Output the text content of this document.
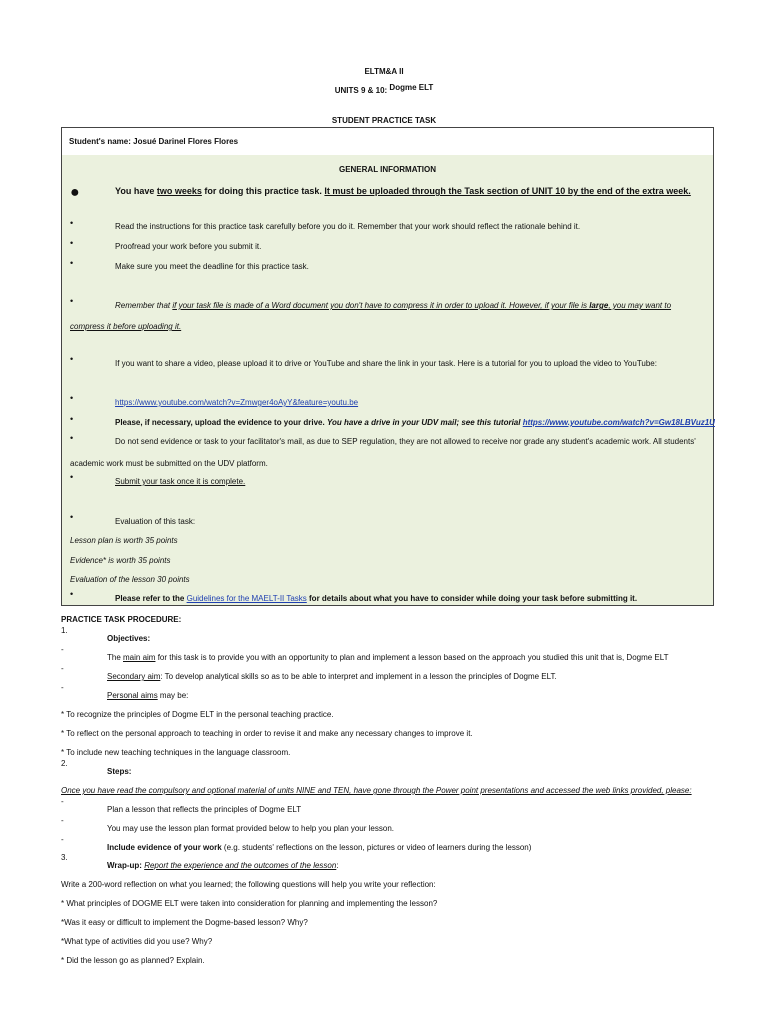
ELTM&A II
UNITS 9 & 10: Dogme ELT
STUDENT PRACTICE TASK
Student's name: Josué Darinel Flores Flores
GENERAL INFORMATION
●	You have two weeks for doing this practice task. It must be uploaded through the Task section of UNIT 10 by the end of the extra week.
•	Read the instructions for this practice task carefully before you do it. Remember that your work should reflect the rationale behind it.
•	Proofread your work before you submit it.
•	Make sure you meet the deadline for this practice task.
•	Remember that if your task file is made of a Word document you don't have to compress it in order to upload it. However, if your file is large, you may want to
compress it before uploading it.
•	If you want to share a video, please upload it to drive or YouTube and share the link in your task. Here is a tutorial for you to upload the video to YouTube:
•	https://www.youtube.com/watch?v=Zmwger4oAyY&feature=youtu.be
•	Please, if necessary, upload the evidence to your drive. You have a drive in your UDV mail; see this tutorial https://www.youtube.com/watch?v=Gw18LBVuz1U
•	Do not send evidence or task to your facilitator's mail, as due to SEP regulation, they are not allowed to receive nor grade any student's academic work. All students'
academic work must be submitted on the UDV platform.
•	Submit your task once it is complete.
•	Evaluation of this task:
Lesson plan is worth 35 points
Evidence* is worth 35 points
Evaluation of the lesson 30 points
•	Please refer to the Guidelines for the MAELT-II Tasks for details about what you have to consider while doing your task before submitting it.
PRACTICE TASK PROCEDURE:
1.
Objectives:
-
The main aim for this task is to provide you with an opportunity to plan and implement a lesson based on the approach you studied this unit that is, Dogme ELT
-
Secondary aim: To develop analytical skills so as to be able to interpret and implement in a lesson the principles of Dogme ELT.
-
Personal aims may be:
* To recognize the principles of Dogme ELT in the personal teaching practice.
* To reflect on the personal approach to teaching in order to revise it and make any necessary changes to improve it.
* To include new teaching techniques in the language classroom.
2.
Steps:
Once you have read the compulsory and optional material of units NINE and TEN, have gone through the Power point presentations and accessed the web links provided, please:
-
Plan a lesson that reflects the principles of Dogme ELT
-
You may use the lesson plan format provided below to help you plan your lesson.
-
Include evidence of your work (e.g. students' reflections on the lesson, pictures or video of learners during the lesson)
3.
Wrap-up: Report the experience and the outcomes of the lesson:
Write a 200-word reflection on what you learned; the following questions will help you write your reflection:
* What principles of DOGME ELT were taken into consideration for planning and implementing the lesson?
*Was it easy or difficult to implement the Dogme-based lesson? Why?
*What type of activities did you use? Why?
* Did the lesson go as planned? Explain.
